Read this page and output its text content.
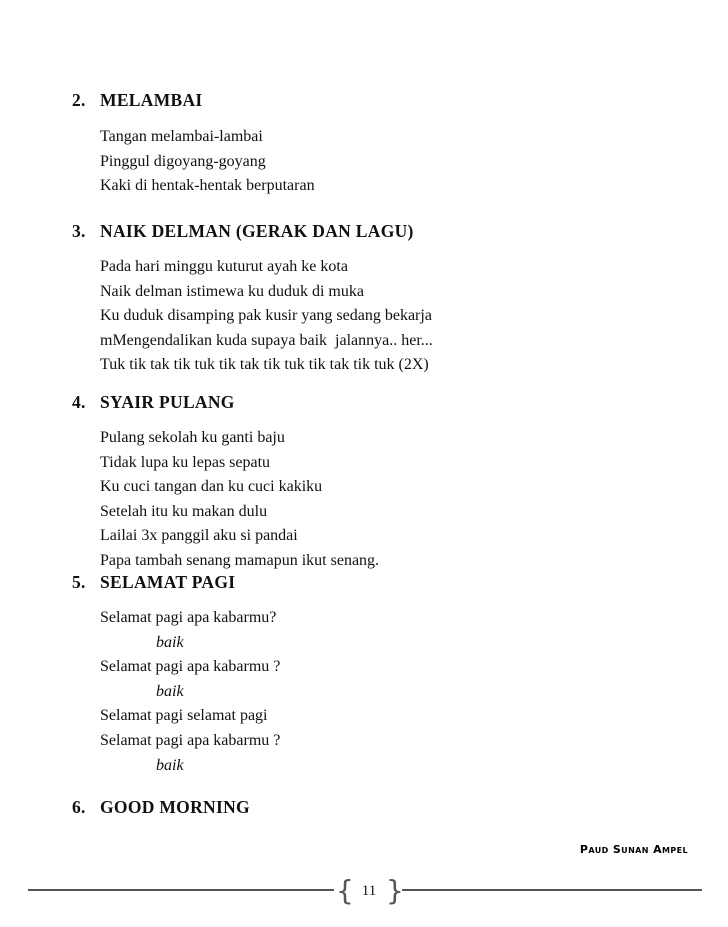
2. MELAMBAI
Tangan melambai-lambai
Pinggul digoyang-goyang
Kaki di hentak-hentak berputaran
3. NAIK DELMAN (GERAK DAN LAGU)
Pada hari minggu kuturut ayah ke kota
Naik delman istimewa ku duduk di muka
Ku duduk disamping pak kusir yang sedang bekarja
mMengendalikan kuda supaya baik  jalannya.. her...
Tuk tik tak tik tuk tik tak tik tuk tik tak tik tuk (2X)
4. SYAIR PULANG
Pulang sekolah ku ganti baju
Tidak lupa ku lepas sepatu
Ku cuci tangan dan ku cuci kakiku
Setelah itu ku makan dulu
Lailai 3x panggil aku si pandai
Papa tambah senang mamapun ikut senang.
5. SELAMAT PAGI
Selamat pagi apa kabarmu?
baik
Selamat pagi apa kabarmu ?
baik
Selamat pagi selamat pagi
Selamat pagi apa kabarmu ?
baik
6. GOOD MORNING
Paud Sunan Ampel
{ }
11
